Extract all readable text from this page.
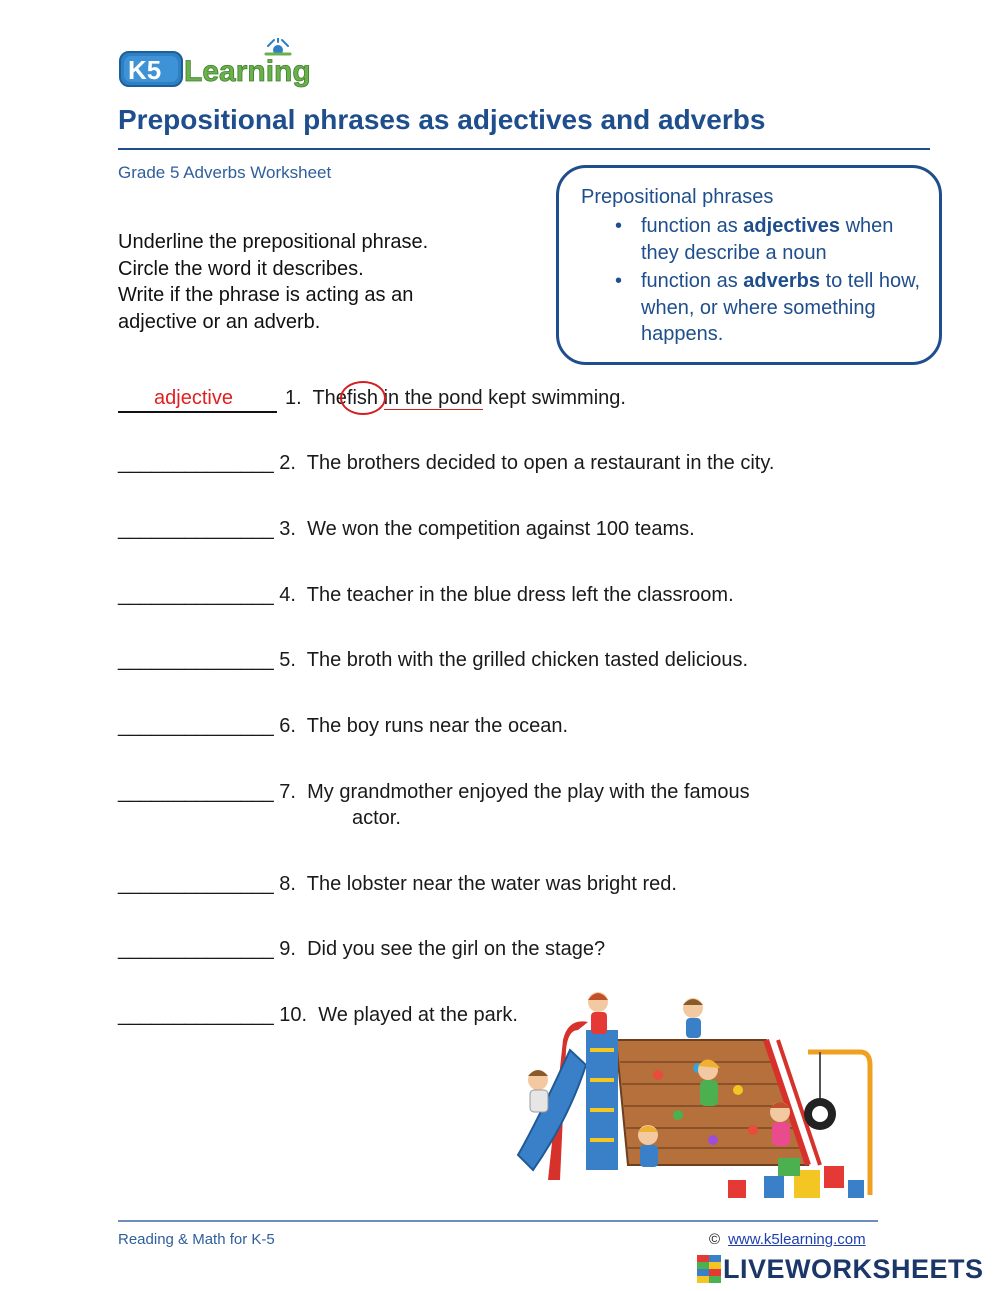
K5 Learning
Prepositional phrases as adjectives and adverbs
Grade 5 Adverbs Worksheet
Underline the prepositional phrase.
Circle the word it describes.
Write if the phrase is acting as an
adjective or an adverb.
Prepositional phrases
• function as adjectives when they describe a noun
• function as adverbs to tell how, when, or where something happens.
adjective	1. The
fish in the pond kept swimming.
______________ 2. The brothers decided to open a restaurant in the city.
______________ 3. We won the competition against 100 teams.
______________ 4. The teacher in the blue dress left the classroom.
______________ 5. The broth with the grilled chicken tasted delicious.
______________ 6. The boy runs near the ocean.
______________ 7. My grandmother enjoyed the play with the famous
actor.
______________ 8. The lobster near the water was bright red.
______________ 9. Did you see the girl on the stage?
______________ 10. We played at the park.
Reading & Math for K-5	© www.k5learning.com
LIVEWORKSHEETS
